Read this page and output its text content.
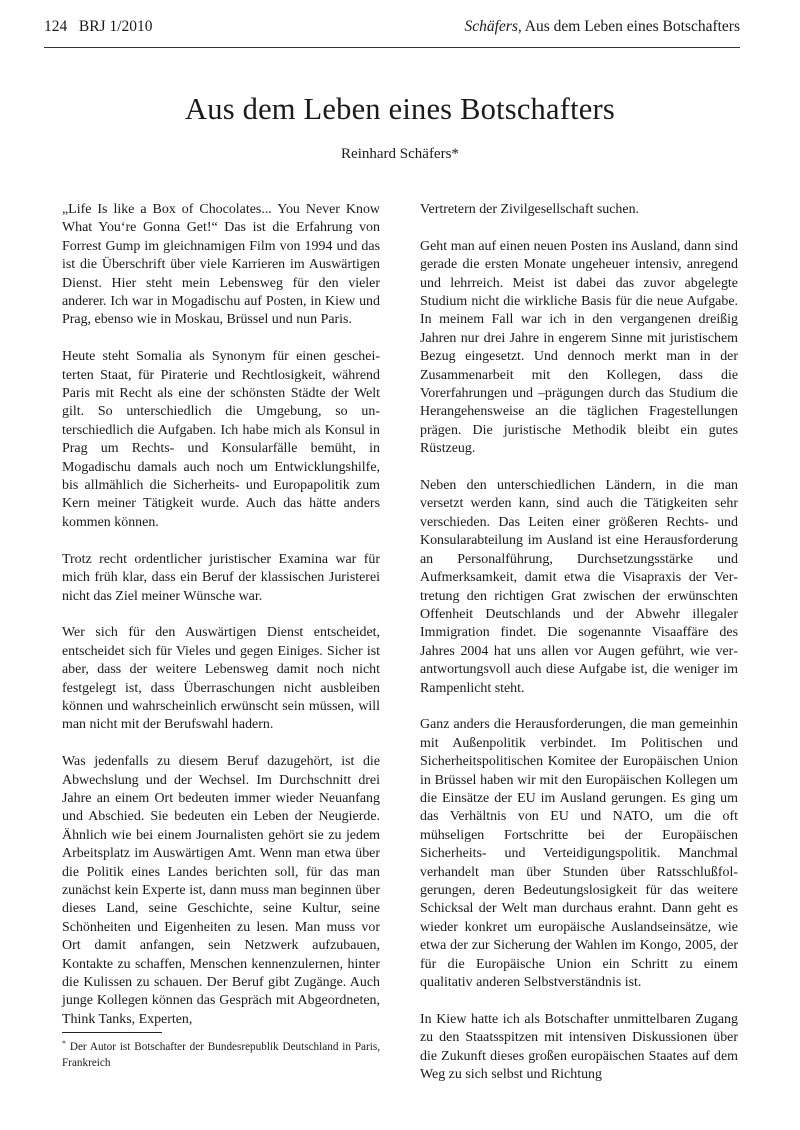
124 BRJ 1/2010	Schäfers, Aus dem Leben eines Botschafters
Aus dem Leben eines Botschafters
Reinhard Schäfers*

„Life Is like a Box of Chocolates... You Never Know What You‘re Gonna Get!“ Das ist die Erfahrung von Forrest Gump im gleichnamigen Film von 1994 und das ist die Überschrift über viele Karrieren im Auswärtigen Dienst. Hier steht mein Lebensweg für den vieler anderer. Ich war in Mogadischu auf Posten, in Kiew und Prag, ebenso wie in Moskau, Brüssel und nun Paris.

Heute steht Somalia als Synonym für einen gescheiterten Staat, für Piraterie und Rechtlosigkeit, während Paris mit Recht als eine der schönsten Städte der Welt gilt. So unterschiedlich die Umgebung, so unterschiedlich die Aufgaben. Ich habe mich als Konsul in Prag um Rechts- und Konsularfälle bemüht, in Mogadischu damals auch noch um Entwicklungshilfe, bis allmählich die Sicherheits- und Europapolitik zum Kern meiner Tätigkeit wurde. Auch das hätte anders kommen können.

Trotz recht ordentlicher juristischer Examina war für mich früh klar, dass ein Beruf der klassischen Juristerei nicht das Ziel meiner Wünsche war.

Wer sich für den Auswärtigen Dienst entscheidet, entscheidet sich für Vieles und gegen Einiges. Sicher ist aber, dass der weitere Lebensweg damit noch nicht festgelegt ist, dass Überraschungen nicht ausbleiben können und wahrscheinlich erwünscht sein müssen, will man nicht mit der Berufswahl hadern.

Was jedenfalls zu diesem Beruf dazugehört, ist die Abwechslung und der Wechsel. Im Durchschnitt drei Jahre an einem Ort bedeuten immer wieder Neuanfang und Abschied. Sie bedeuten ein Leben der Neugierde. Ähnlich wie bei einem Journalisten gehört sie zu jedem Arbeitsplatz im Auswärtigen Amt. Wenn man etwa über die Politik eines Landes berichten soll, für das man zunächst kein Experte ist, dann muss man beginnen über dieses Land, seine Geschichte, seine Kultur, seine Schönheiten und Eigenheiten zu lesen. Man muss vor Ort damit anfangen, sein Netzwerk aufzubauen, Kontakte zu schaffen, Menschen kennenzulernen, hinter die Kulissen zu schauen. Der Beruf gibt Zugänge. Auch junge Kollegen können das Gespräch mit Abgeordneten, Think Tanks, Experten,

Vertretern der Zivilgesellschaft suchen.

Geht man auf einen neuen Posten ins Ausland, dann sind gerade die ersten Monate ungeheuer intensiv, anregend und lehrreich. Meist ist dabei das zuvor abgelegte Studium nicht die wirkliche Basis für die neue Aufgabe. In meinem Fall war ich in den vergangenen dreißig Jahren nur drei Jahre in engerem Sinne mit juristischem Bezug eingesetzt. Und dennoch merkt man in der Zusammenarbeit mit den Kollegen, dass die Vorerfahrungen und –prägungen durch das Studium die Herangehensweise an die täglichen Fragestellungen prägen. Die juristische Methodik bleibt ein gutes Rüstzeug.

Neben den unterschiedlichen Ländern, in die man versetzt werden kann, sind auch die Tätigkeiten sehr verschieden. Das Leiten einer größeren Rechts- und Konsularabteilung im Ausland ist eine Herausforderung an Personalführung, Durchsetzungsstärke und Aufmerksamkeit, damit etwa die Visapraxis der Vertretung den richtigen Grat zwischen der erwünschten Offenheit Deutschlands und der Abwehr illegaler Immigration findet. Die sogenannte Visaaffäre des Jahres 2004 hat uns allen vor Augen geführt, wie verantwortungsvoll auch diese Aufgabe ist, die weniger im Rampenlicht steht.

Ganz anders die Herausforderungen, die man gemeinhin mit Außenpolitik verbindet. Im Politischen und Sicherheitspolitischen Komitee der Europäischen Union in Brüssel haben wir mit den Europäischen Kollegen um die Einsätze der EU im Ausland gerungen. Es ging um das Verhältnis von EU und NATO, um die oft mühseligen Fortschritte bei der Europäischen Sicherheits- und Verteidigungspolitik. Manchmal verhandelt man über Stunden über Ratsschlußfolgerungen, deren Bedeutungslosigkeit für das weitere Schicksal der Welt man durchaus erahnt. Dann geht es wieder konkret um europäische Auslandseinsätze, wie etwa der zur Sicherung der Wahlen im Kongo, 2005, der für die Europäische Union ein Schritt zu einem qualitativ anderen Selbstverständnis ist.

In Kiew hatte ich als Botschafter unmittelbaren Zugang zu den Staatsspitzen mit intensiven Diskussionen über die Zukunft dieses großen europäischen Staates auf dem Weg zu sich selbst und Richtung

* Der Autor ist Botschafter der Bundesrepublik Deutschland in Paris, Frankreich
